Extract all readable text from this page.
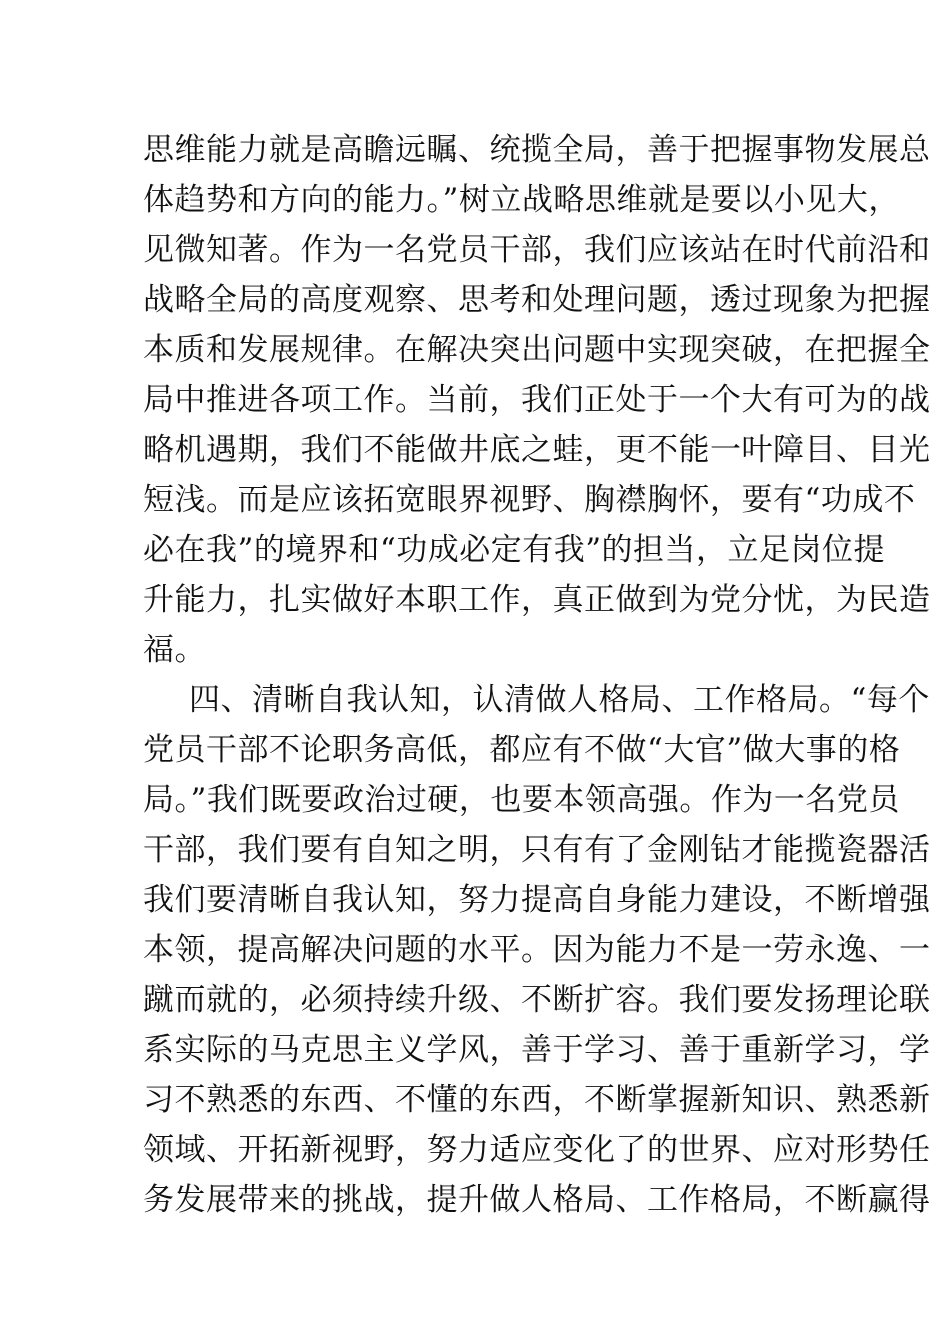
思维能力就是高瞻远瞩、统揽全局，善于把握事物发展总
体趋势和方向的能力。”树立战略思维就是要以小见大，
见微知著。作为一名党员干部，我们应该站在时代前沿和
战略全局的高度观察、思考和处理问题，透过现象为把握
本质和发展规律。在解决突出问题中实现突破，在把握全
局中推进各项工作。当前，我们正处于一个大有可为的战
略机遇期，我们不能做井底之蛙，更不能一叶障目、目光
短浅。而是应该拓宽眼界视野、胸襟胸怀，要有“功成不
必在我”的境界和“功成必定有我”的担当，立足岗位提
升能力，扎实做好本职工作，真正做到为党分忧，为民造
福。
四、清晰自我认知，认清做人格局、工作格局。“每个
党员干部不论职务高低，都应有不做“大官”做大事的格
局。”我们既要政治过硬，也要本领高强。作为一名党员
干部，我们要有自知之明，只有有了金刚钻才能揽瓷器活
我们要清晰自我认知，努力提高自身能力建设，不断增强
本领，提高解决问题的水平。因为能力不是一劳永逸、一
蹴而就的，必须持续升级、不断扩容。我们要发扬理论联
系实际的马克思主义学风，善于学习、善于重新学习，学
习不熟悉的东西、不懂的东西，不断掌握新知识、熟悉新
领域、开拓新视野，努力适应变化了的世界、应对形势任
务发展带来的挑战，提升做人格局、工作格局，不断赢得
